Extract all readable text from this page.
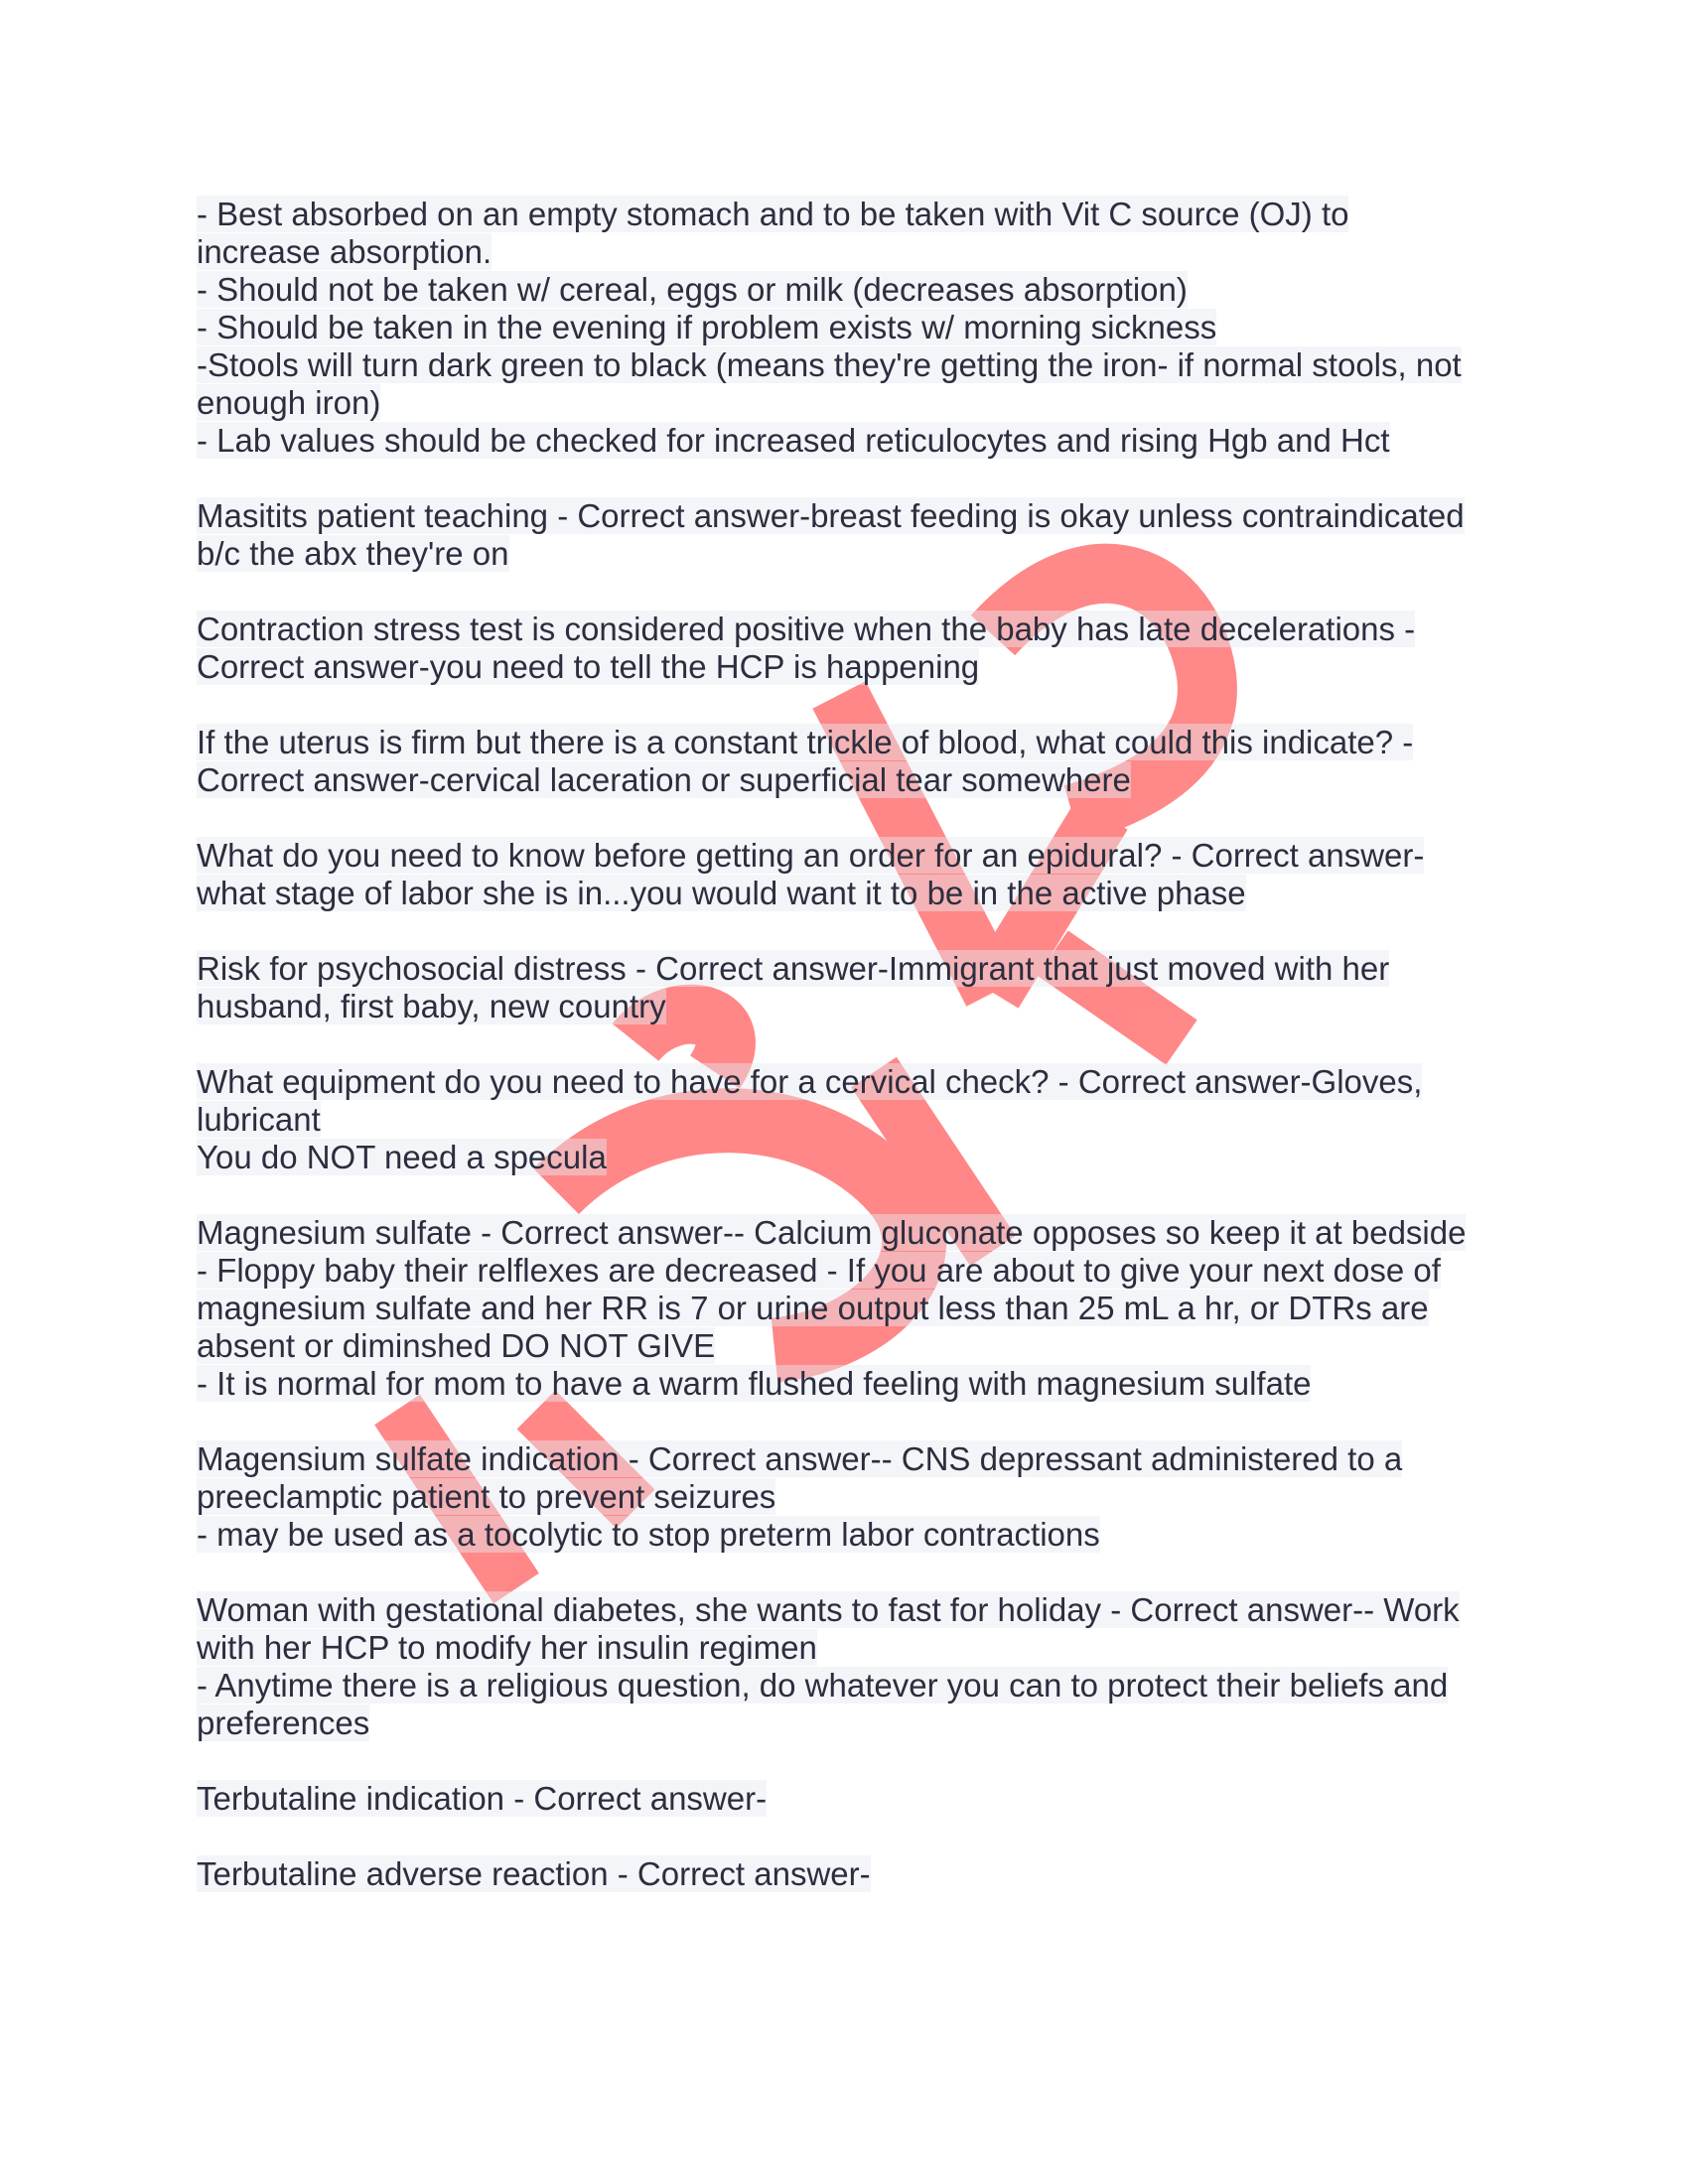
- Best absorbed on an empty stomach and to be taken with Vit C source (OJ) to
increase absorption.
- Should not be taken w/ cereal, eggs or milk (decreases absorption)
- Should be taken in the evening if problem exists w/ morning sickness
-Stools will turn dark green to black (means they're getting the iron- if normal stools, not
enough iron)
- Lab values should be checked for increased reticulocytes and rising Hgb and Hct
Masitits patient teaching - Correct answer-breast feeding is okay unless contraindicated
b/c the abx they're on
Contraction stress test is considered positive when the baby has late decelerations -
Correct answer-you need to tell the HCP is happening
If the uterus is firm but there is a constant trickle of blood, what could this indicate? -
Correct answer-cervical laceration or superficial tear somewhere
What do you need to know before getting an order for an epidural? - Correct answer-
what stage of labor she is in...you would want it to be in the active phase
Risk for psychosocial distress - Correct answer-Immigrant that just moved with her
husband, first baby, new country
What equipment do you need to have for a cervical check? - Correct answer-Gloves,
lubricant
You do NOT need a specula
Magnesium sulfate - Correct answer-- Calcium gluconate opposes so keep it at bedside
- Floppy baby their relflexes are decreased - If you are about to give your next dose of
magnesium sulfate and her RR is 7 or urine output less than 25 mL a hr, or DTRs are
absent or diminshed DO NOT GIVE
- It is normal for mom to have a warm flushed feeling with magnesium sulfate
Magensium sulfate indication - Correct answer-- CNS depressant administered to a
preeclamptic patient to prevent seizures
- may be used as a tocolytic to stop preterm labor contractions
Woman with gestational diabetes, she wants to fast for holiday - Correct answer-- Work
with her HCP to modify her insulin regimen
- Anytime there is a religious question, do whatever you can to protect their beliefs and
preferences
Terbutaline indication - Correct answer-
Terbutaline adverse reaction - Correct answer-
